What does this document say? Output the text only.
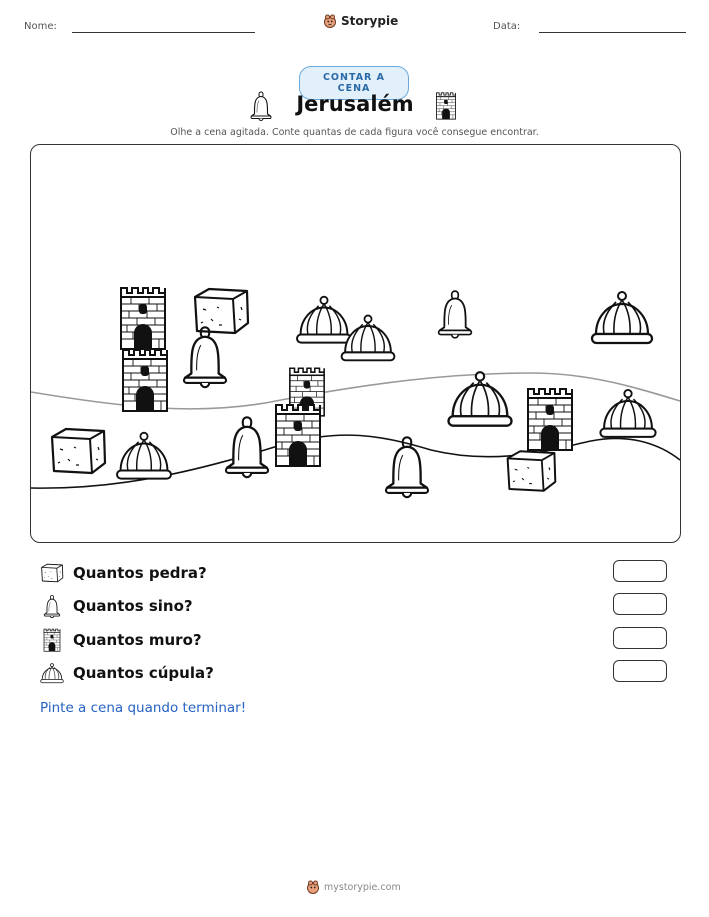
Nome:	Storypie	Data:
CONTAR A CENA
Jerusalém
Olhe a cena agitada. Conte quantas de cada figura você consegue encontrar.
Quantos pedra?
Quantos sino?
Quantos muro?
Quantos cúpula?
Pinte a cena quando terminar!
mystorypie.com
